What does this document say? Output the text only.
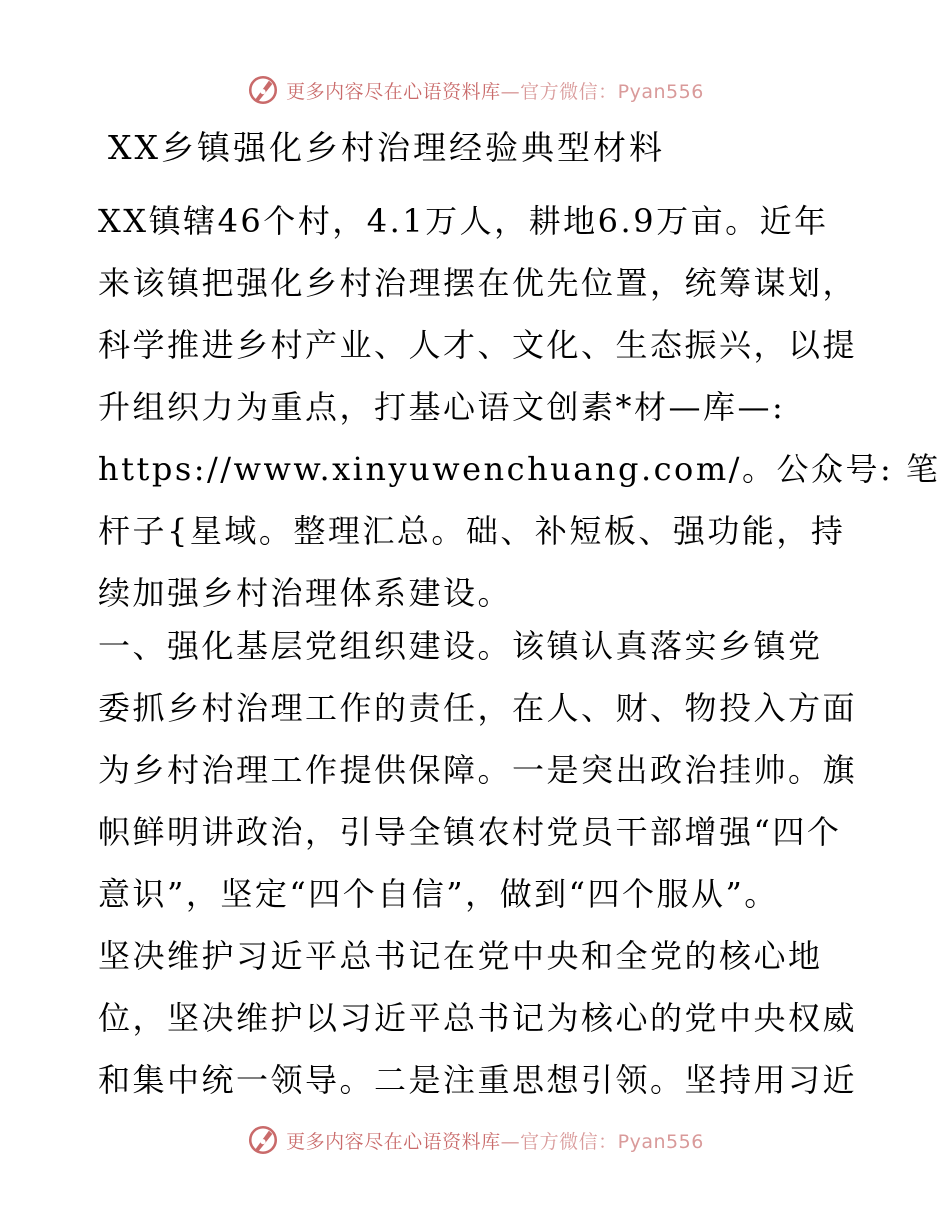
更多内容尽在心语资料库—官方微信：Pyan556
XX乡镇强化乡村治理经验典型材料
XX镇辖46个村，4.1万人，耕地6.9万亩。近年
来该镇把强化乡村治理摆在优先位置，统筹谋划，
科学推进乡村产业、人才、文化、生态振兴，以提
升组织力为重点，打基心语文创素*材—库—:
https://www.xinyuwenchuang.com/。公众号: 笔
杆子{星域。整理汇总。础、补短板、强功能，持
续加强乡村治理体系建设。
一、强化基层党组织建设。该镇认真落实乡镇党
委抓乡村治理工作的责任，在人、财、物投入方面
为乡村治理工作提供保障。一是突出政治挂帅。旗
帜鲜明讲政治，引导全镇农村党员干部增强“四个
意识”，坚定“四个自信”，做到“四个服从”。
坚决维护习近平总书记在党中央和全党的核心地
位，坚决维护以习近平总书记为核心的党中央权威
和集中统一领导。二是注重思想引领。坚持用习近
更多内容尽在心语资料库—官方微信：Pyan556
